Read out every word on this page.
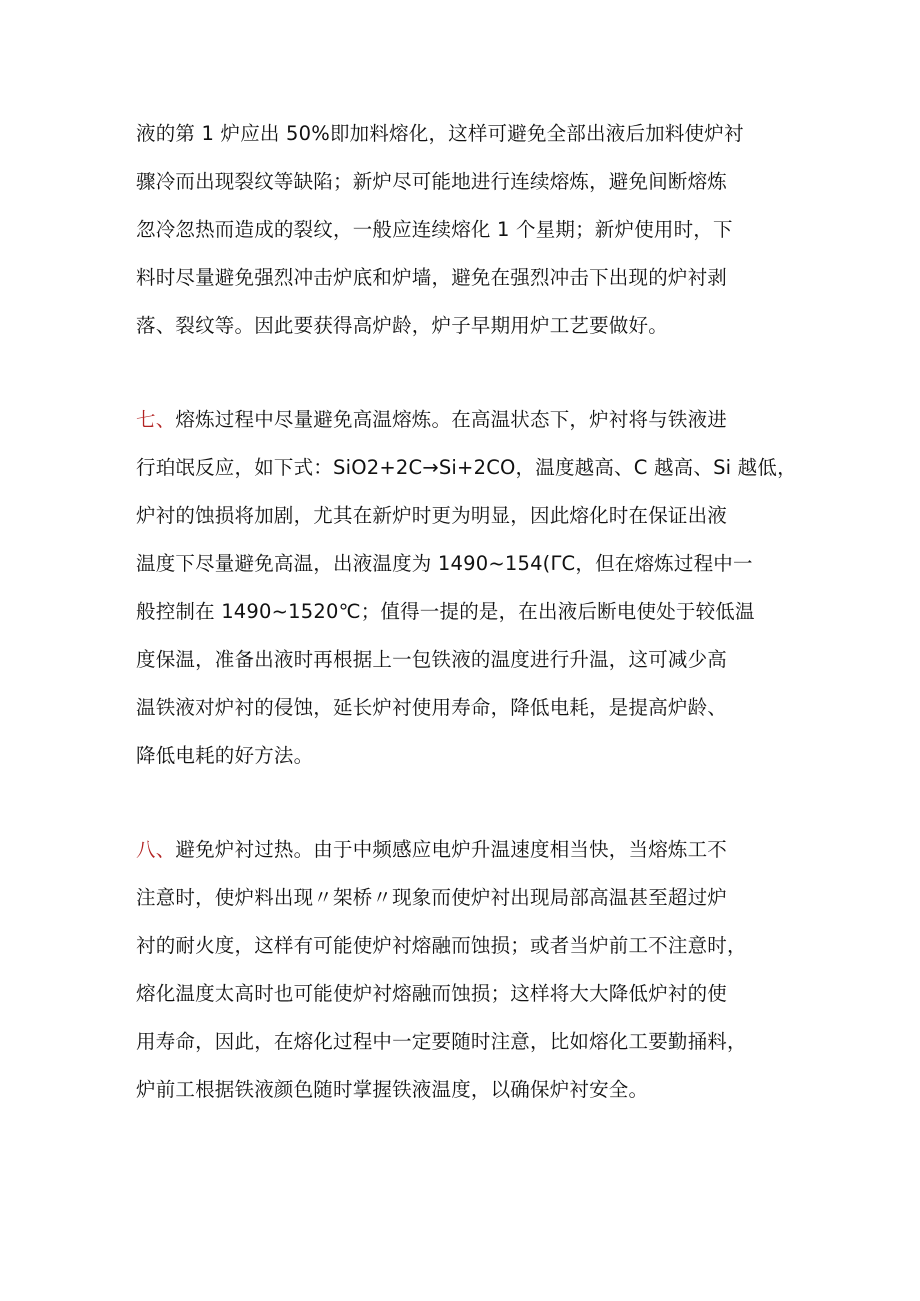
液的第 1 炉应出 50%即加料熔化，这样可避免全部出液后加料使炉衬
骤冷而出现裂纹等缺陷；新炉尽可能地进行连续熔炼，避免间断熔炼
忽冷忽热而造成的裂纹，一般应连续熔化 1 个星期；新炉使用时，下
料时尽量避免强烈冲击炉底和炉墙，避免在强烈冲击下出现的炉衬剥
落、裂纹等。因此要获得高炉龄，炉子早期用炉工艺要做好。
七、熔炼过程中尽量避免高温熔炼。在高温状态下，炉衬将与铁液进
行珀氓反应，如下式：SiO2+2C→Si+2CO，温度越高、C 越高、Si 越低，
炉衬的蚀损将加剧，尤其在新炉时更为明显，因此熔化时在保证出液
温度下尽量避免高温，出液温度为 1490~154(ΓC，但在熔炼过程中一
般控制在 1490~1520℃；值得一提的是，在出液后断电使处于较低温
度保温，准备出液时再根据上一包铁液的温度进行升温，这可减少高
温铁液对炉衬的侵蚀，延长炉衬使用寿命，降低电耗，是提高炉龄、
降低电耗的好方法。
八、避免炉衬过热。由于中频感应电炉升温速度相当快，当熔炼工不
注意时，使炉料出现〃架桥〃现象而使炉衬出现局部高温甚至超过炉
衬的耐火度，这样有可能使炉衬熔融而蚀损；或者当炉前工不注意时，
熔化温度太高时也可能使炉衬熔融而蚀损；这样将大大降低炉衬的使
用寿命，因此，在熔化过程中一定要随时注意，比如熔化工要勤捅料，
炉前工根据铁液颜色随时掌握铁液温度，以确保炉衬安全。
